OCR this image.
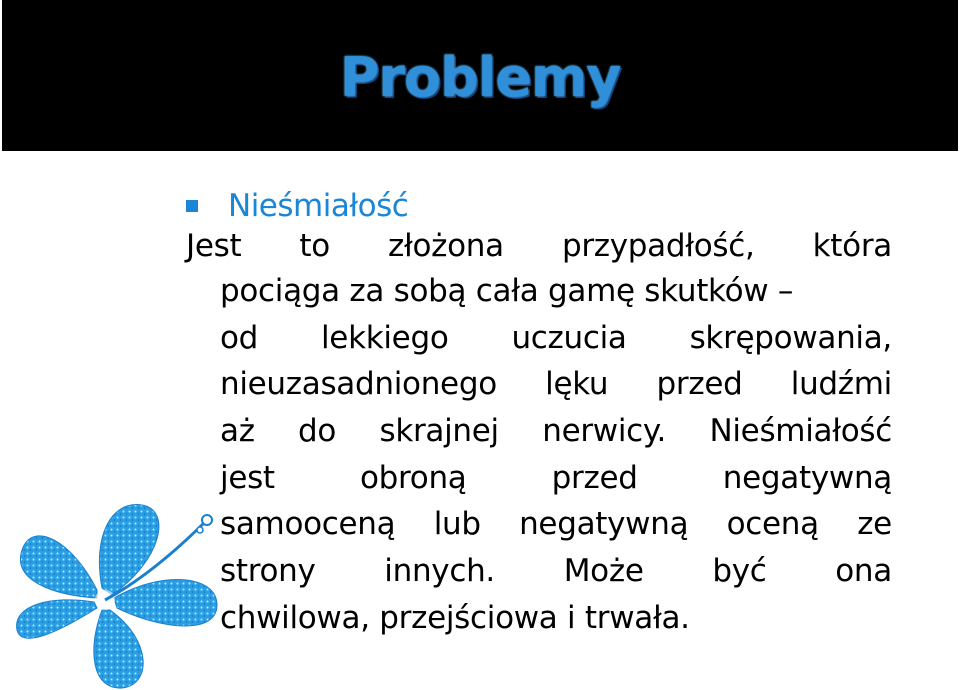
Problemy
Nieśmiałość
Jest to złożona przypadłość, która
pociąga za sobą cała gamę skutków –
od lekkiego uczucia skrępowania,
nieuzasadnionego lęku przed ludźmi
aż do skrajnej nerwicy. Nieśmiałość
jest	obroną	przed	negatywną
samooceną lub negatywną oceną ze
strony innych. Może być ona
chwilowa, przejściowa i trwała.
